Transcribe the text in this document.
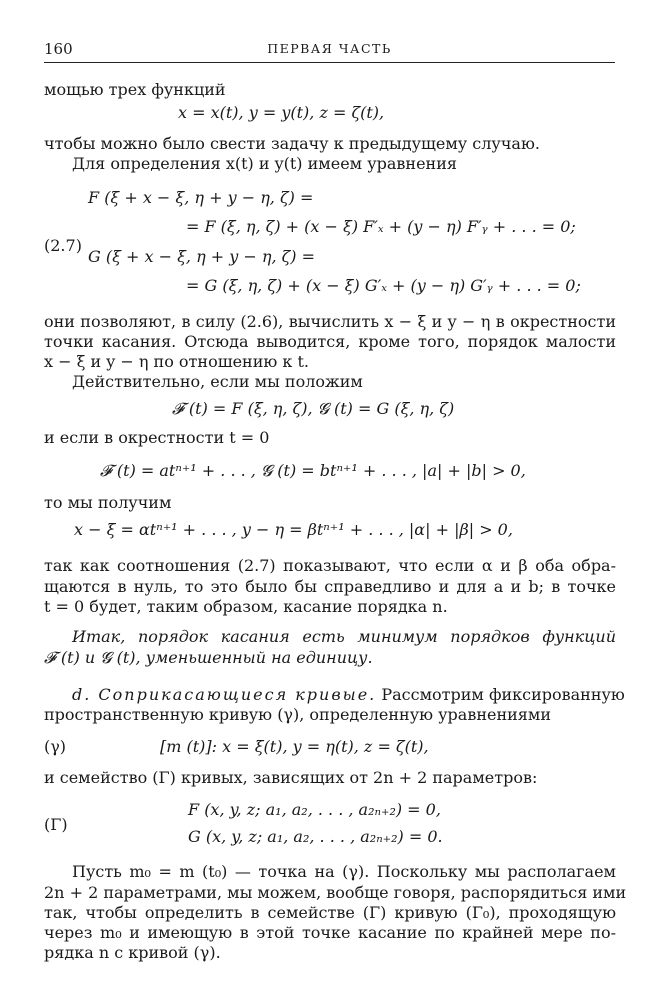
160	ПЕРВАЯ ЧАСТЬ
мощью трех функций
x = x(t), y = y(t), z = ζ(t),
чтобы можно было свести задачу к предыдущему случаю.
Для определения x(t) и y(t) имеем уравнения
F (ξ + x − ξ, η + y − η, ζ) =
= F (ξ, η, ζ) + (x − ξ) F′ₓ + (y − η) F′ᵧ + . . . = 0;
(2.7)
G (ξ + x − ξ, η + y − η, ζ) =
= G (ξ, η, ζ) + (x − ξ) G′ₓ + (y − η) G′ᵧ + . . . = 0;
они позволяют, в силу (2.6), вычислить x − ξ и y − η в окрестности
точки касания. Отсюда выводится, кроме того, порядок малости
x − ξ и y − η по отношению к t.
Действительно, если мы положим
𝓕 (t) = F (ξ, η, ζ), 𝓖 (t) = G (ξ, η, ζ)
и если в окрестности t = 0
𝓕 (t) = atⁿ⁺¹ + . . . , 𝓖 (t) = btⁿ⁺¹ + . . . , |a| + |b| > 0,
то мы получим
x − ξ = αtⁿ⁺¹ + . . . , y − η = βtⁿ⁺¹ + . . . , |α| + |β| > 0,
так как соотношения (2.7) показывают, что если α и β оба обра-
щаются в нуль, то это было бы справедливо и для a и b; в точке
t = 0 будет, таким образом, касание порядка n.
Итак, порядок касания есть минимум порядков функций
𝓕 (t) и 𝓖 (t), уменьшенный на единицу.
d. Соприкасающиеся кривые. Рассмотрим фиксированную
пространственную кривую (γ), определенную уравнениями
(γ)	[m (t)]: x = ξ(t), y = η(t), z = ζ(t),
и семейство (Γ) кривых, зависящих от 2n + 2 параметров:
(Γ)
F (x, y, z; a₁, a₂, . . . , a₂ₙ₊₂) = 0,
G (x, y, z; a₁, a₂, . . . , a₂ₙ₊₂) = 0.
Пусть m₀ = m (t₀) — точка на (γ). Поскольку мы располагаем
2n + 2 параметрами, мы можем, вообще говоря, распорядиться ими
так, чтобы определить в семействе (Γ) кривую (Γ₀), проходящую
через m₀ и имеющую в этой точке касание по крайней мере по-
рядка n с кривой (γ).
